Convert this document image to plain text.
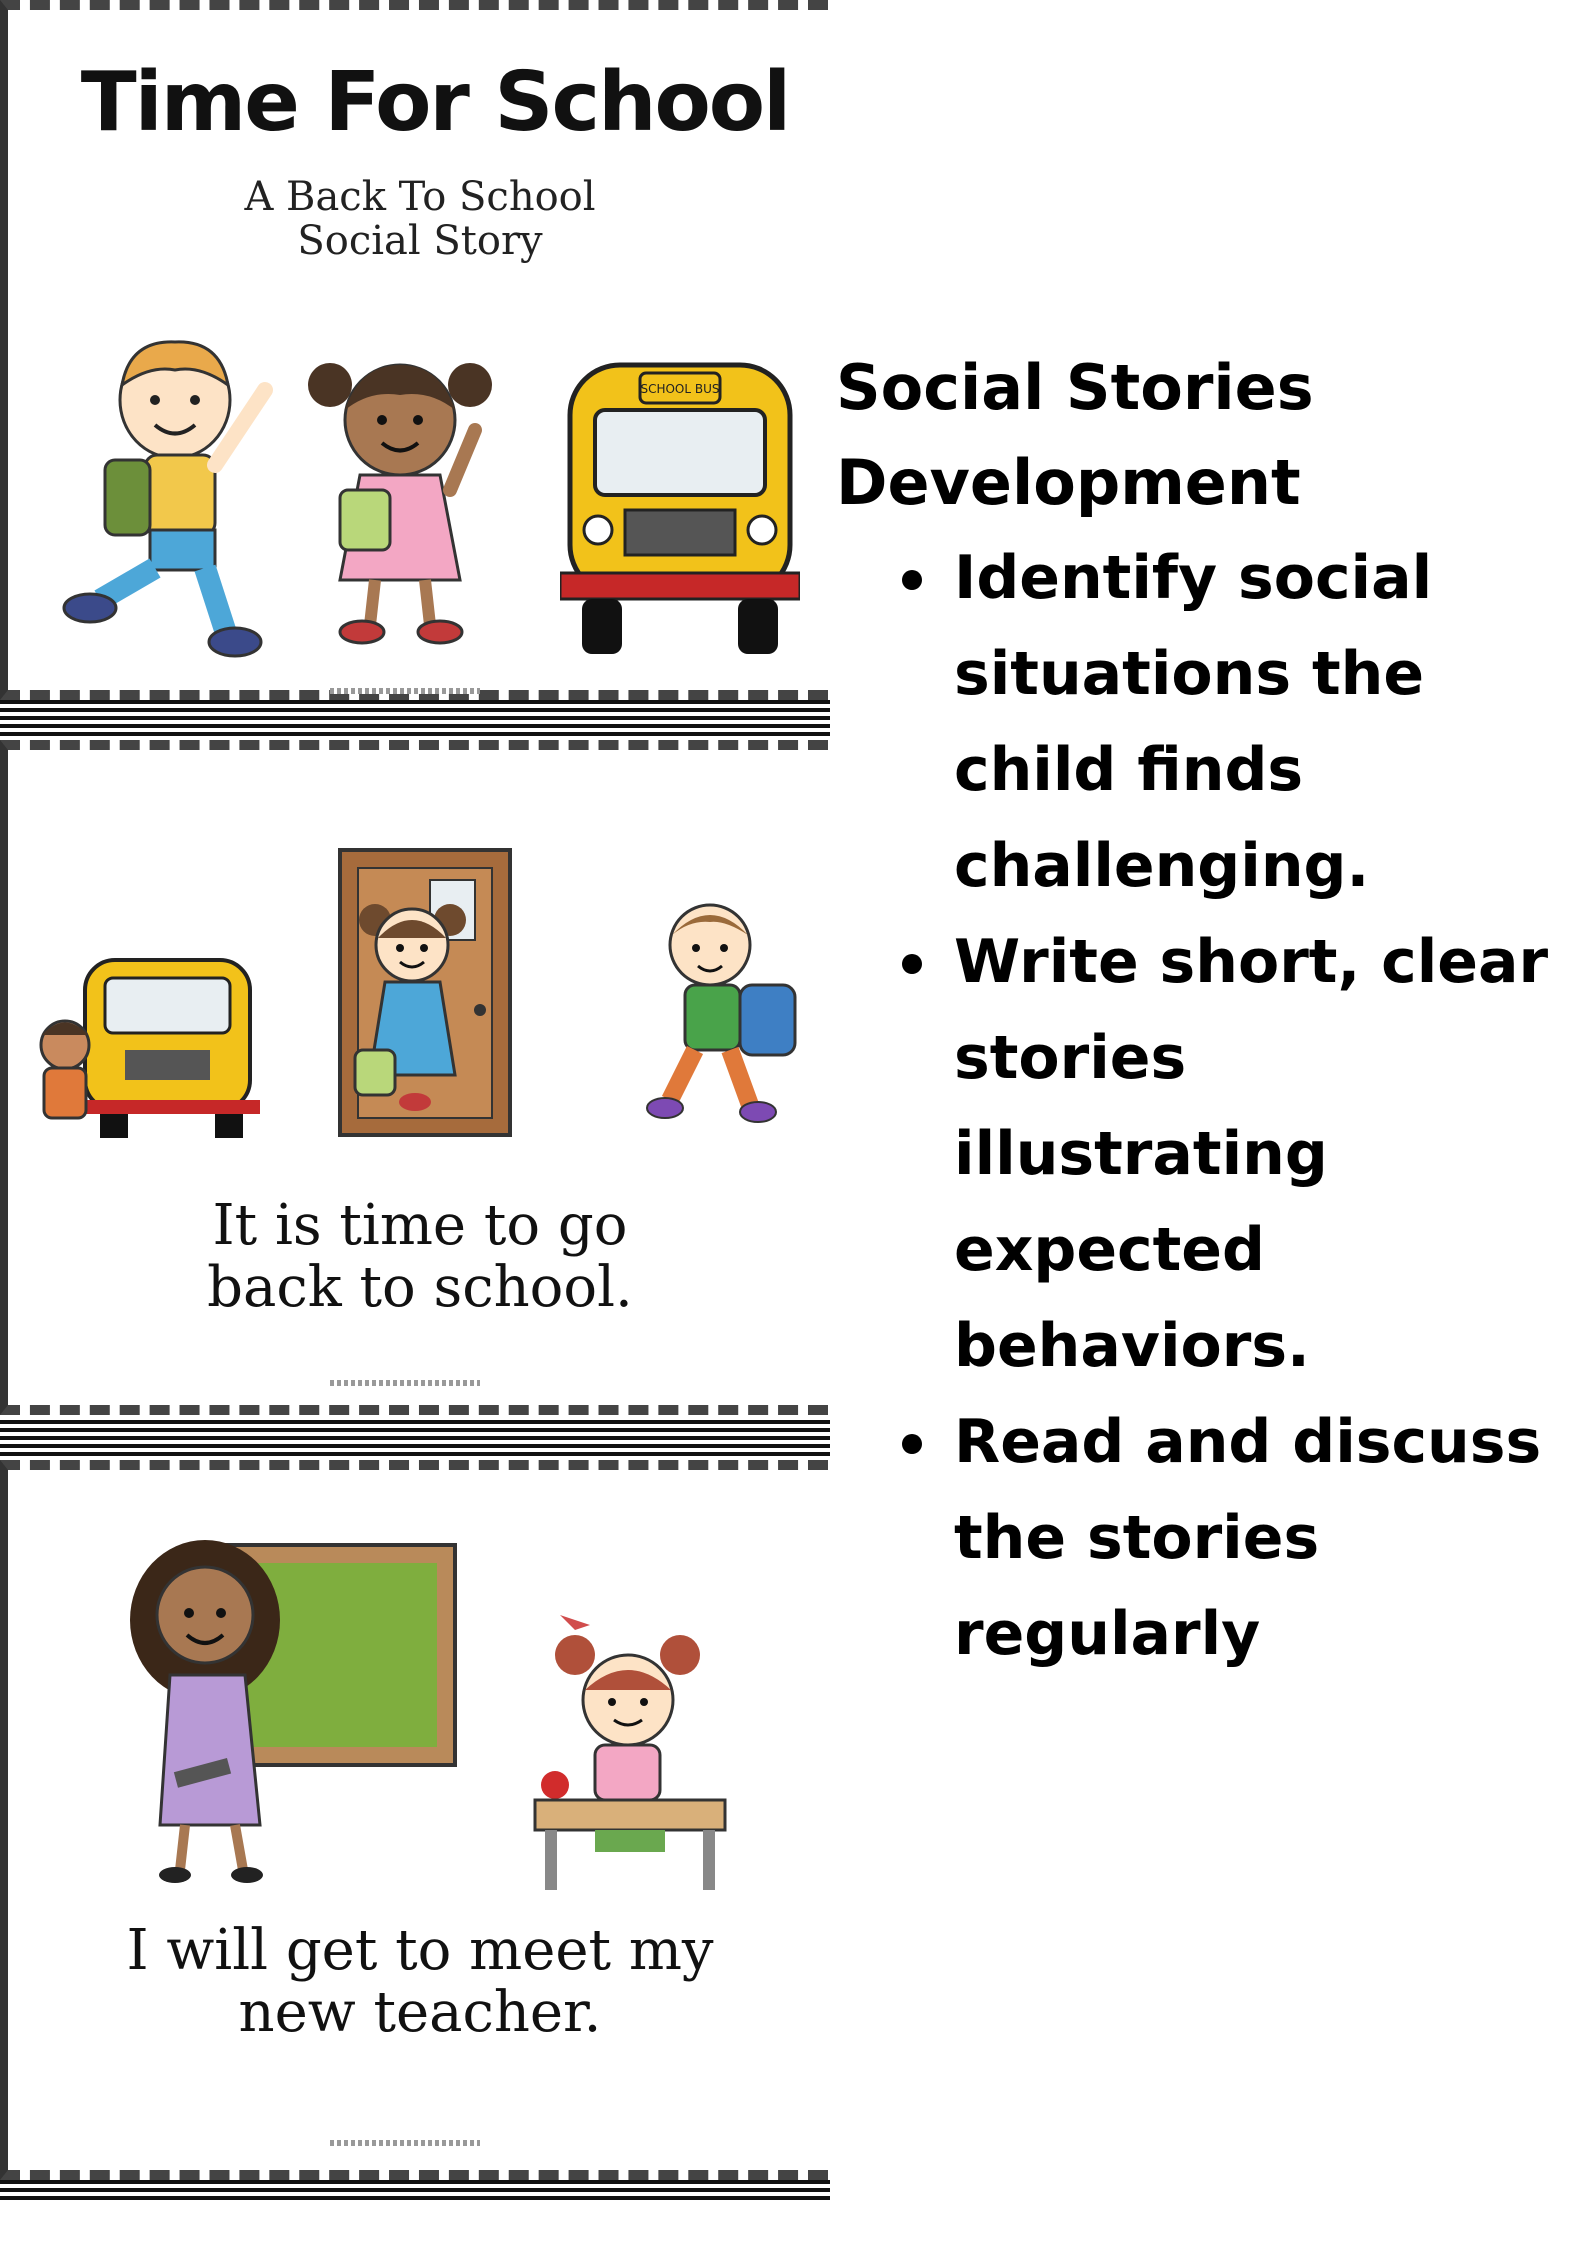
Time For School
A Back To School
Social Story
SCHOOL BUS
It is time to go
back to school.
I will get to meet my
new teacher.
Social Stories
Development
Identify social situations the child finds challenging.
Write short, clear stories illustrating expected behaviors.
Read and discuss the stories regularly
